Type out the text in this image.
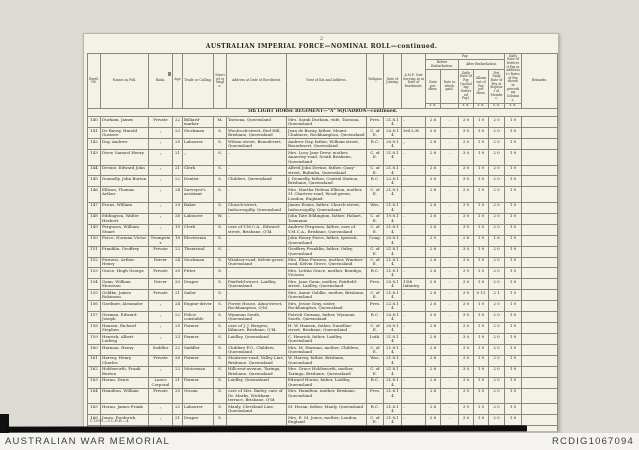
2
AUSTRALIAN IMPERIAL FORCE—NOMINAL ROLL—continued.
Regtl. No.	Names in Full.	Rank.	Age.	Trade or Calling.	Married or Single.	Address at Date of Enrolment.	Next of Kin and Address.	Religion.	Date of Joining.	A.M.F. Unit Serving in at Date of Enrolment.	Pay.					Daily Rate of Deferred Pay in addition to Rates of Pay shown in preceding Columns.	Remarks.
											Before Embarkation.		After Embarkation.				
											Rate per diem.	Date to which paid.	Daily Rate of Pay (including Deferred Pay).	Allotment of Pay per diem.	Net Daily Rate of Pay at disposal of Member.		
											s. d.		s. d.	s. d.	s. d.	s. d.	
5th LIGHT HORSE REGIMENT—"A" SQUADRON—continued.																	
140	Durham, James	Private	22	Billiard-marker	M.	Taroona, Queensland	Mrs. Sarah Durham, wife, Taroona, Queensland	Pres.	21.8.14	..	2 6	..	3 0	1 0	2 0	1 0	
141	De Bavay, Harold Gustave	„	23	Stockman	S.	Woolcock-street, Red Hill, Brisbane, Queensland	Jean de Bavay, father, Mount Chalmers, Rockhampton, Queensland	C. of E.	20.8.14	3rd L.H.	2 6	..	3 0	1 0	2 0	1 0	
142	Day, Andrew	„	25	Labourer	S.	Wilson-street, Beaudesert, Queensland	Andrew Day, father, William-street, Beaudesert, Queensland	R.C.	20.8.14	„	2 6	..	3 0	1 0	2 0	1 0	
143	Drew, Samuel Henry	„	21	„	S.	..	Mrs. Lucy Jane Drew, mother, Annerley-road, South Brisbane, Queensland	C. of E.	21.8.14	..	2 6	..	3 0	1 0	2 0	1 0	
144	Devine, Edward John	„	21	Clerk	S.	..	Alfred John Devine, father, Quay-street, Bulimba, Queensland	C. of E.	21.8.14	..	2 6	..	3 0	1 0	2 0	1 0	
145	Donnelly, John Burton	„	22	Dentist	S.	Childers, Queensland	J. Donnelly, father, Central Station, Brisbane, Queensland	R.C.	22.8.14	..	2 6	..	3 0	1 0	2 0	1 0	
146	Ellison, Thomas Arthur	„	24	Surveyor's assistant	S.	..	Mrs. Martha Helena Ellison, mother, 51 Chartres-road, Wood-green, London, England	C. of E.	21.8.14	..	2 6	..	3 0	1 0	2 0	1 0	
147	Evans, William	„	29	Baker	S.	Church-street, Indooroopilly, Queensland	James Evans, father, Church-street, Indooroopilly, Queensland	Wes.	21.8.14	..	2 6	..	3 0	1 0	2 0	1 0	
148	Eddington, Walter Herbert	„	26	Labourer	W.	..	John Tate Eddington, father, Hobart, Tasmania	C. of E.	19.8.14	..	2 6	..	3 0	1 0	2 0	1 0	
149	Ferguson, William Stuart	„	19	Clerk	S.	care of Y.M.C.A., Edward-street, Brisbane, Q'ld.	Andrew Ferguson, father, care of Y.M.C.A., Brisbane, Queensland	C. of E.	21.8.14	..	2 6	..	3 0	1 0	2 0	1 0	
150	Force, Norman Victor	Trumpeter	18	Electrician	S.	..	John Henry Force, father, Ipswich, Queensland	Cong.	20.8.14	..	2 0	..	2 6	1 0	1 6	1 0	
151	Franklin, Geoffrey	Private	22	Theatrical	S.	..	Geoffrey Franklin, father, Oxley, Queensland	C. of E.	21.8.14	..	2 6	..	3 0	1 0	2 0	1 0	
152	Furness, Arthur Henry	Driver	24	Stockman	S.	Windsor-road, Kelvin-grove, Queensland	Mrs. Eliza Furness, mother, Windsor-road, Kelvin Grove, Queensland	C. of E.	21.8.14	..	2 6	..	3 0	1 0	2 0	1 0	
153	Grace, Hugh George	Private	20	Fitter	S.	..	Mrs. Letitia Grace, mother, Bendigo, Victoria	R.C.	21.8.14	..	2 6	..	3 0	1 0	2 0	1 0	
154	Gann, William Morrison	Driver	20	Draper	S.	Fairfield-street, Laidley, Queensland	Mrs. Jane Gann, mother, Fairfield-street, Laidley, Queensland	Pres.	20.8.14	13th Infantry	2 6	..	3 0	1 0	2 0	1 0	
155	Goldke, James Robinson	Private	21	Sailor	S.	..	Mrs. Annie Goldke, mother, Brisbane, Queensland	C. of E.	21.8.14	..	2 6	..	3 0	0 11	2 1	1 0	
156	Gardiner, Alexander	„	24	Engine-driver	S.	Forest House, Alma-street, Rockhampton, Q'ld.	Mrs. Jessie Gray, sister, Rockhampton, Queensland	Pres.	22.8.14	..	2 6	..	3 0	1 0	2 0	1 0	
157	German, Edward Joseph	„	22	Police constable	S.	Wynnum South, Queensland	Patrick German, father, Wynnum South, Queensland	R.C.	20.8.14	..	2 6	..	3 0	1 0	2 0	1 0	
158	Hansen, Richard Stephen	„	25	Farmer	S.	care of J. J. Burgess, Kilmore, Brisbane, Q'ld.	H. W. Hansen, father, Dunellan-street, Brisbane, Queensland	C. of E.	20.8.14	..	2 6	..	3 0	1 0	2 0	1 0	
159	Henrick, Albert Ludwig	„	23	Farmer	S.	Laidley, Queensland	C. Henrick, father, Laidley, Queensland	Luth.	21.8.14	..	2 6	..	3 0	1 0	2 0	1 0	
160	Harman, Henry	Saddler	22	Saddler	S.	Childers P.O., Childers, Queensland	Mrs. M. Harman, mother, Childers, Queensland	C. of E.	21.8.14	..	2 6	..	3 0	1 0	2 0	1 0	
161	Harvey, Henry Charles	Private	26	Farmer	S.	Montrose-road, Valley Line, Brisbane, Queensland	W. Harvey, father, Brisbane, Queensland	Wes.	21.8.14	..	2 6	..	3 0	1 0	2 0	1 0	
162	Holdsworth, Frank Burton	„	22	Motorman	S.	Hillcrest-avenue, Taringa, Brisbane, Queensland	Mrs. Grace Holdsworth, mother, Taringa, Brisbane, Queensland	C. of E.	21.8.14	..	2 6	..	3 0	1 0	2 0	1 0	
163	Horan, Denis	Lance Corporal	21	Farmer	S.	Laidley, Queensland	Edward Horan, father, Laidley, Queensland	R.C.	21.8.14	..	2 6	..	3 0	1 0	2 0	1 0	
164	Hamilton, William	Private	20	Groom	S.	care of Mrs. Bailey, care of Dr. Marks, Wickham-terrace, Brisbane, Q'ld.	Mrs. Hamilton, mother, Brisbane, Queensland	Pres.	21.8.14	..	2 6	..	3 0	1 0	2 0	1 0	
165	Horan, James Frank	„	22	Labourer	S.	Manly, Cleveland Line, Queensland	M. Horan, father, Manly, Queensland	R.C.	21.8.14	..	2 6	..	3 0	1 0	2 0	1 0	
166	Jones, Frederick	„	21	Draper	S.	..	Mrs. E. M. Jones, mother, London, England	C. of E.	21.8.14	..	2 6	..	3 0	1 0	2 0	1 0	

C.1093.—5 L.H.R.—4
AUSTRALIAN WAR MEMORIAL	RCDIG1067094
